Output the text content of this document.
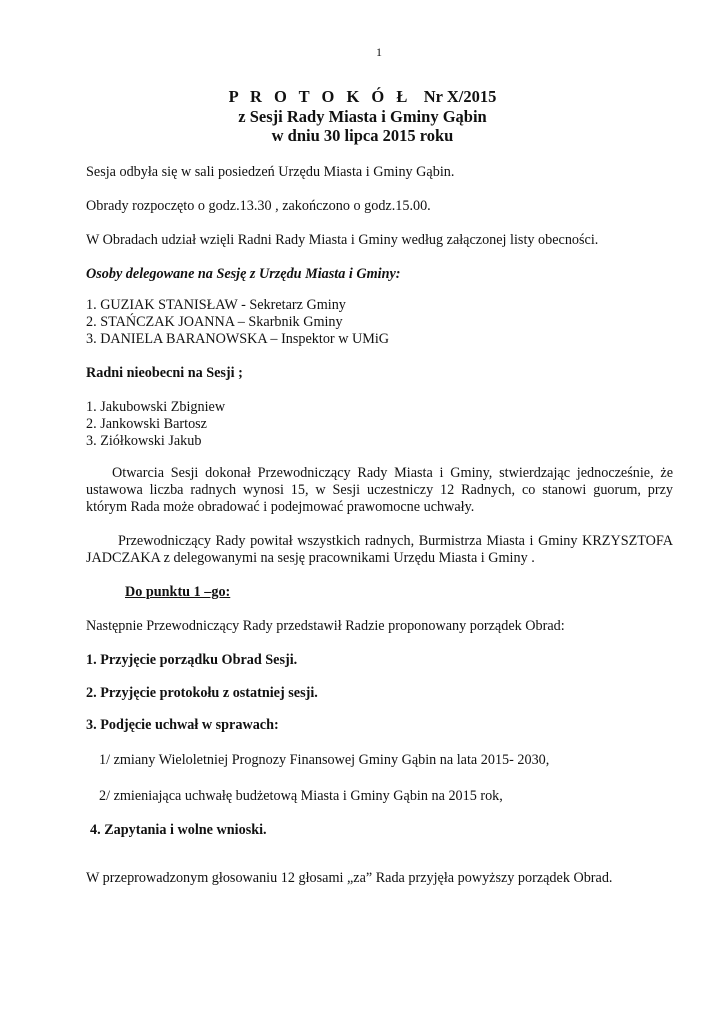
1
P R O T O K Ó Ł Nr X/2015
z Sesji Rady Miasta i Gminy Gąbin
w dniu 30 lipca 2015 roku
Sesja odbyła się w sali posiedzeń Urzędu Miasta i Gminy Gąbin.
Obrady rozpoczęto o godz.13.30 , zakończono o godz.15.00.
W Obradach udział wzięli Radni Rady Miasta i Gminy według załączonej listy obecności.
Osoby delegowane na Sesję z Urzędu Miasta i Gminy:
1. GUZIAK STANISŁAW - Sekretarz Gminy
2. STAŃCZAK JOANNA – Skarbnik Gminy
3. DANIELA BARANOWSKA – Inspektor w UMiG
Radni nieobecni na Sesji ;
1. Jakubowski Zbigniew
2. Jankowski Bartosz
3. Ziółkowski Jakub
Otwarcia Sesji dokonał Przewodniczący Rady Miasta i Gminy, stwierdzając jednocześnie, że ustawowa liczba radnych wynosi 15, w Sesji uczestniczy 12 Radnych, co stanowi guorum, przy którym Rada może obradować i podejmować prawomocne uchwały.
Przewodniczący Rady powitał wszystkich radnych, Burmistrza Miasta i Gminy KRZYSZTOFA JADCZAKA z delegowanymi na sesję pracownikami Urzędu Miasta i Gminy .
Do punktu 1 –go:
Następnie Przewodniczący Rady przedstawił Radzie proponowany porządek Obrad:
1. Przyjęcie porządku Obrad Sesji.
2. Przyjęcie protokołu z ostatniej sesji.
3. Podjęcie uchwał w sprawach:
1/ zmiany Wieloletniej Prognozy Finansowej Gminy Gąbin na lata 2015- 2030,
2/ zmieniająca uchwałę budżetową Miasta i Gminy Gąbin na 2015 rok,
4. Zapytania i wolne wnioski.
W przeprowadzonym głosowaniu 12 głosami „za” Rada przyjęła powyższy porządek Obrad.
